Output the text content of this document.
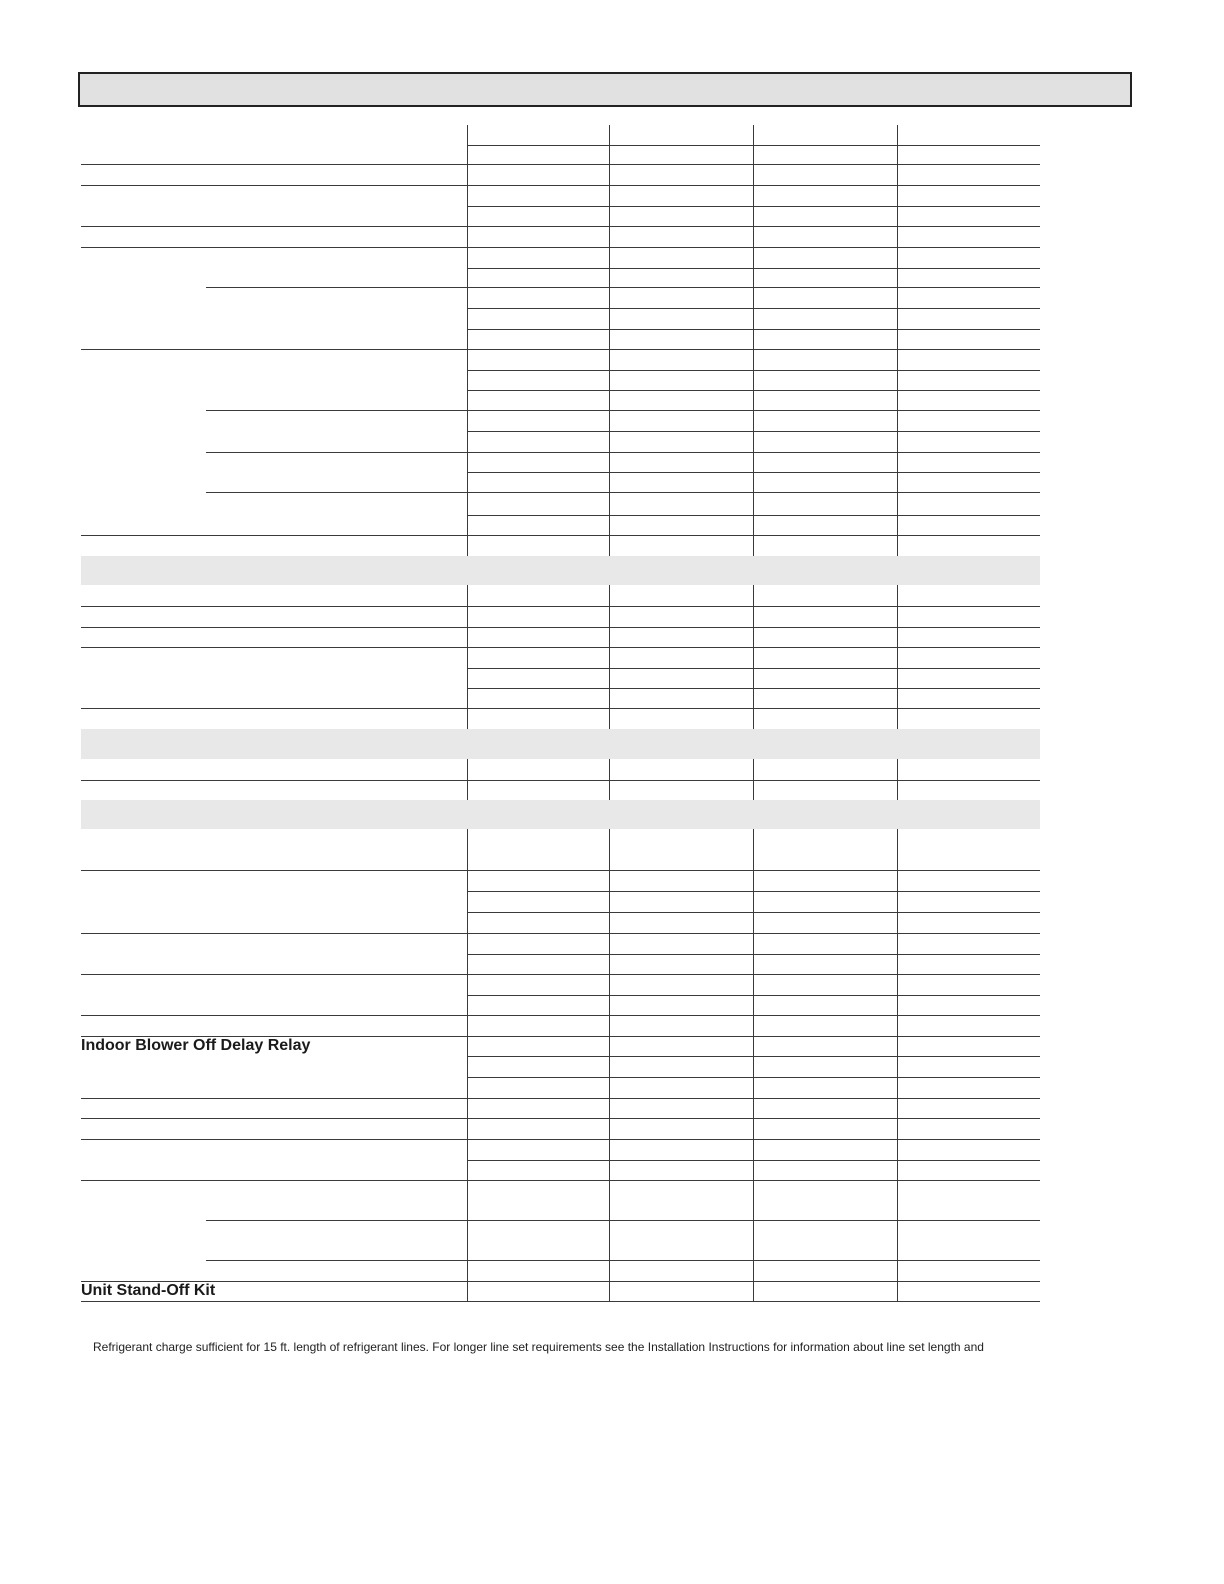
Indoor Blower Off Delay Relay
Unit Stand-Off Kit
Refrigerant charge sufficient for 15 ft. length of refrigerant lines. For longer line set requirements see the Installation Instructions for information about line set length and
